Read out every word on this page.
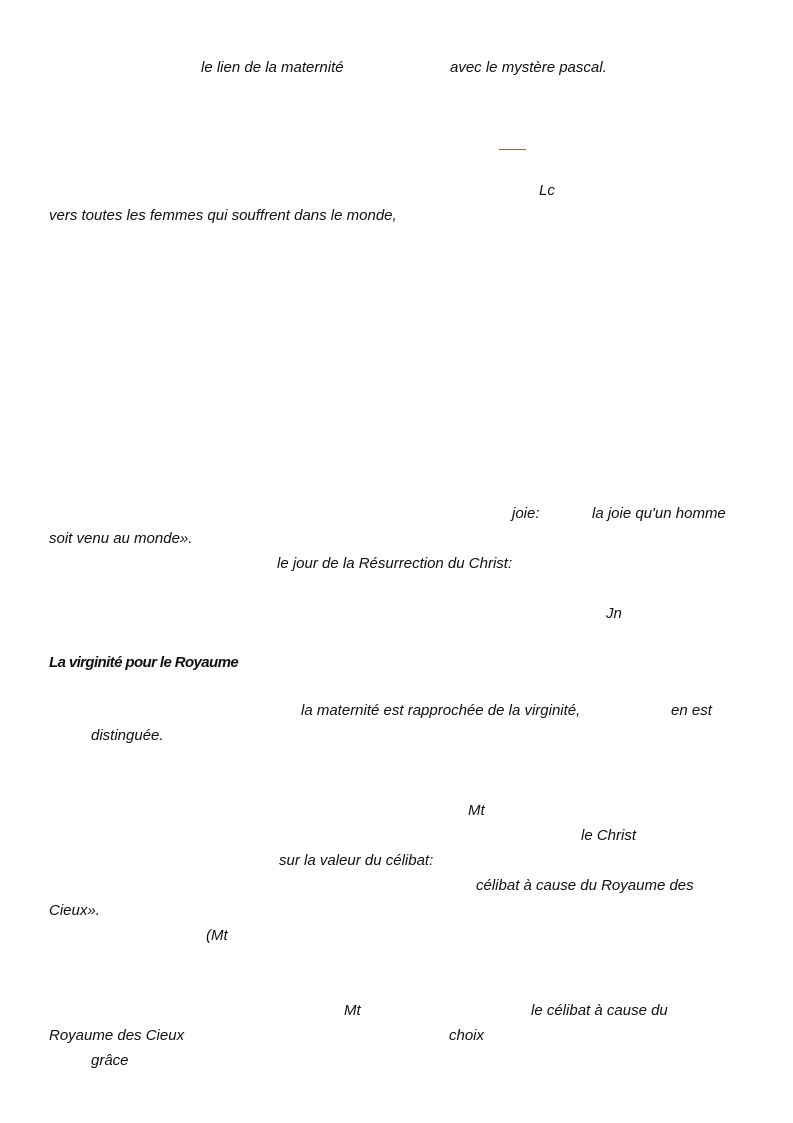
le lien de la maternité	avec le mystère pascal.
Lc
vers toutes les femmes qui souffrent dans le monde,
joie:	la joie qu'un homme
soit venu au monde».
le jour de la Résurrection du Christ:
Jn
La virginité pour le Royaume
la maternité est rapprochée de la virginité,	en est
distinguée.
Mt
le Christ
sur la valeur du célibat:
célibat à cause du Royaume des
Cieux».
(Mt
Mt	le célibat à cause du
Royaume des Cieux	choix
grâce
